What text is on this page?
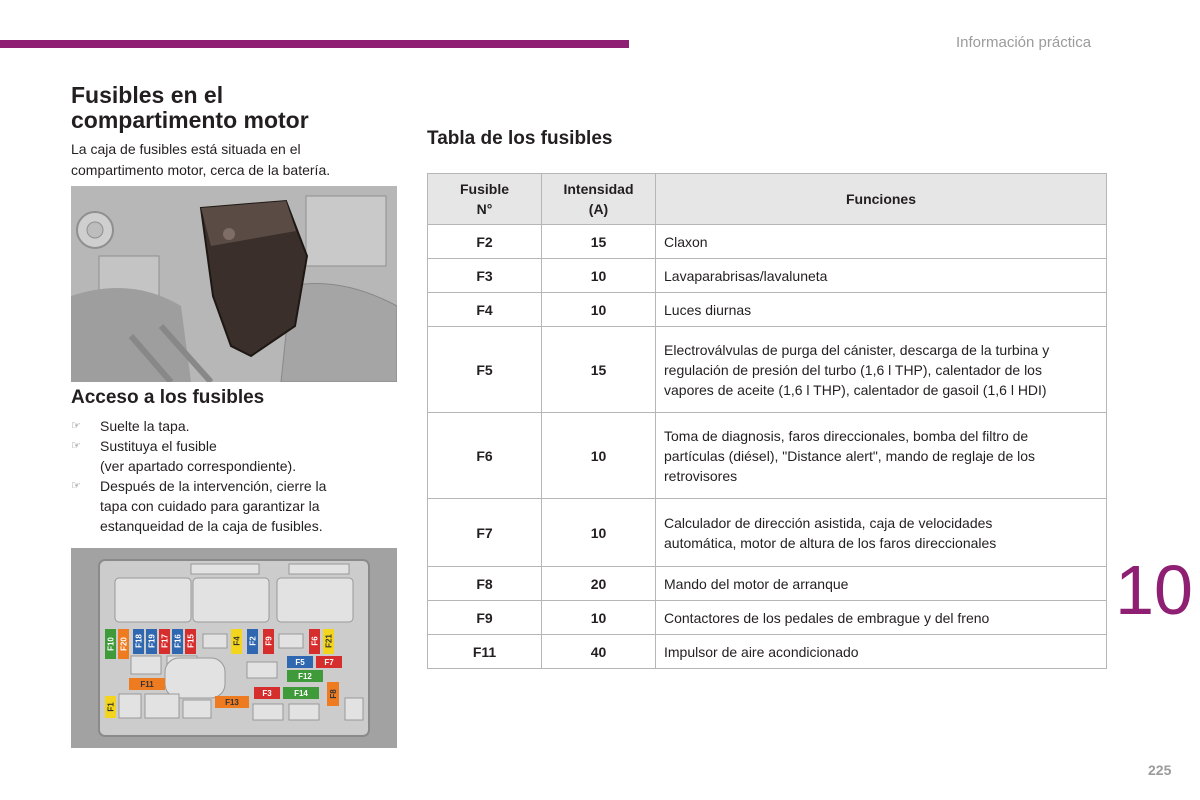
Información práctica
Fusibles en el
compartimento motor

La caja de fusibles está situada en el
compartimento motor, cerca de la batería.

Acceso a los fusibles
☞ Suelte la tapa.
☞ Sustituya el fusible
(ver apartado correspondiente).
☞ Después de la intervención, cierre la
tapa con cuidado para garantizar la
estanqueidad de la caja de fusibles.
F10 F20 F18 F19 F17 F16 F15	F4 F2 F9	F6 F21
F5 F7
F11
F12
F3	F14	F8
F1	F13
Tabla de los fusibles
Fusible
N°	Intensidad
(A)	Funciones
F2	15	Claxon
F3	10	Lavaparabrisas/lavaluneta
F4	10	Luces diurnas
F5	15	Electroválvulas de purga del cánister, descarga de la turbina y
regulación de presión del turbo (1,6 l THP), calentador de los
vapores de aceite (1,6 l THP), calentador de gasoil (1,6 l HDI)
F6	10	Toma de diagnosis, faros direccionales, bomba del filtro de
partículas (diésel), "Distance alert", mando de reglaje de los
retrovisores
F7	10	Calculador de dirección asistida, caja de velocidades
automática, motor de altura de los faros direccionales
F8	20	Mando del motor de arranque
F9	10	Contactores de los pedales de embrague y del freno
F11	40	Impulsor de aire acondicionado
10
225
